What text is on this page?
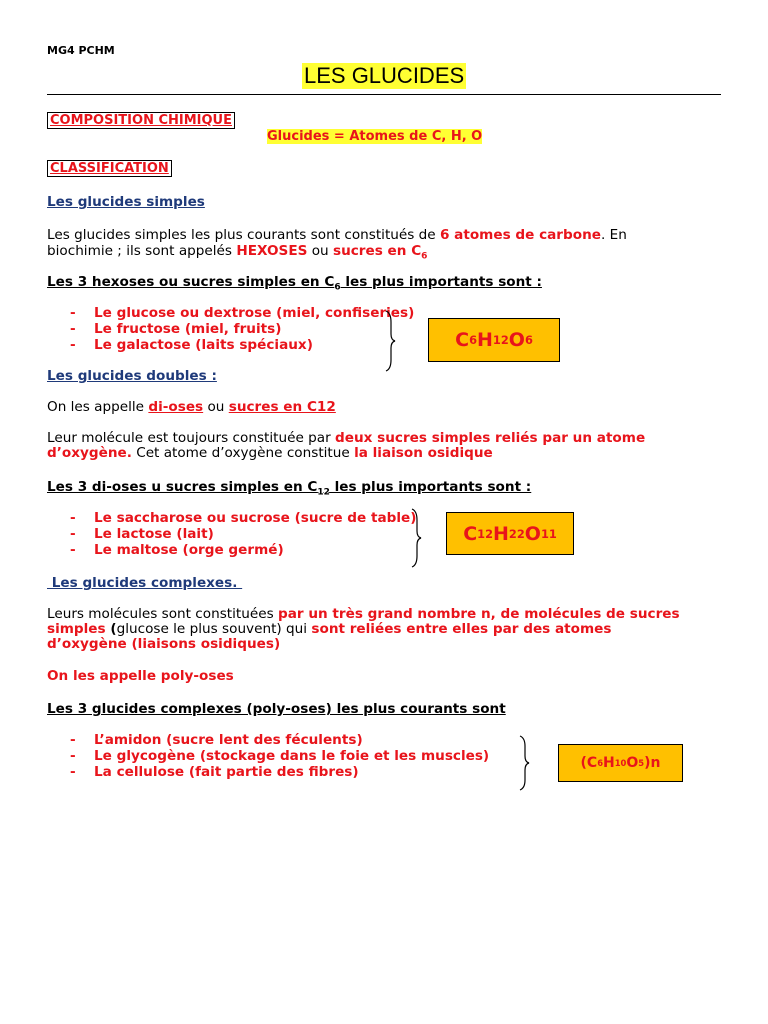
MG4 PCHM
LES GLUCIDES
COMPOSITION CHIMIQUE
Glucides = Atomes de C, H, O
CLASSIFICATION
Les glucides simples
Les glucides simples les plus courants sont constitués de 6 atomes de carbone. En
biochimie ; ils sont appelés HEXOSES ou sucres en $C_6$
Les 3 hexoses ou sucres simples en $C_6$ les plus importants sont :
- Le glucose ou dextrose (miel, confiseries)
- Le fructose (miel, fruits)
- Le galactose (laits spéciaux)	C 6 H 12 O 6
Les glucides doubles :
On les appelle di-oses ou sucres en C12
Leur molécule est toujours constituée par deux sucres simples reliés par un atome
d’oxygène. Cet atome d’oxygène constitue la liaison osidique
Les 3 di-oses u sucres simples en $C_{12}$ les plus importants sont :
- Le saccharose ou sucrose (sucre de table)
- Le lactose (lait)
- Le maltose (orge germé)
C 12 H 22 O 11
Les glucides complexes.
Leurs molécules sont constituées par un très grand nombre n, de molécules de sucres
simples (glucose le plus souvent) qui sont reliées entre elles par des atomes
d’oxygène (liaisons osidiques)
On les appelle poly-oses
Les 3 glucides complexes (poly-oses) les plus courants sont
- L’amidon (sucre lent des féculents)
- Le glycogène (stockage dans le foie et les muscles)
- La cellulose (fait partie des fibres)
(C 6 H 10 O 5 )n
